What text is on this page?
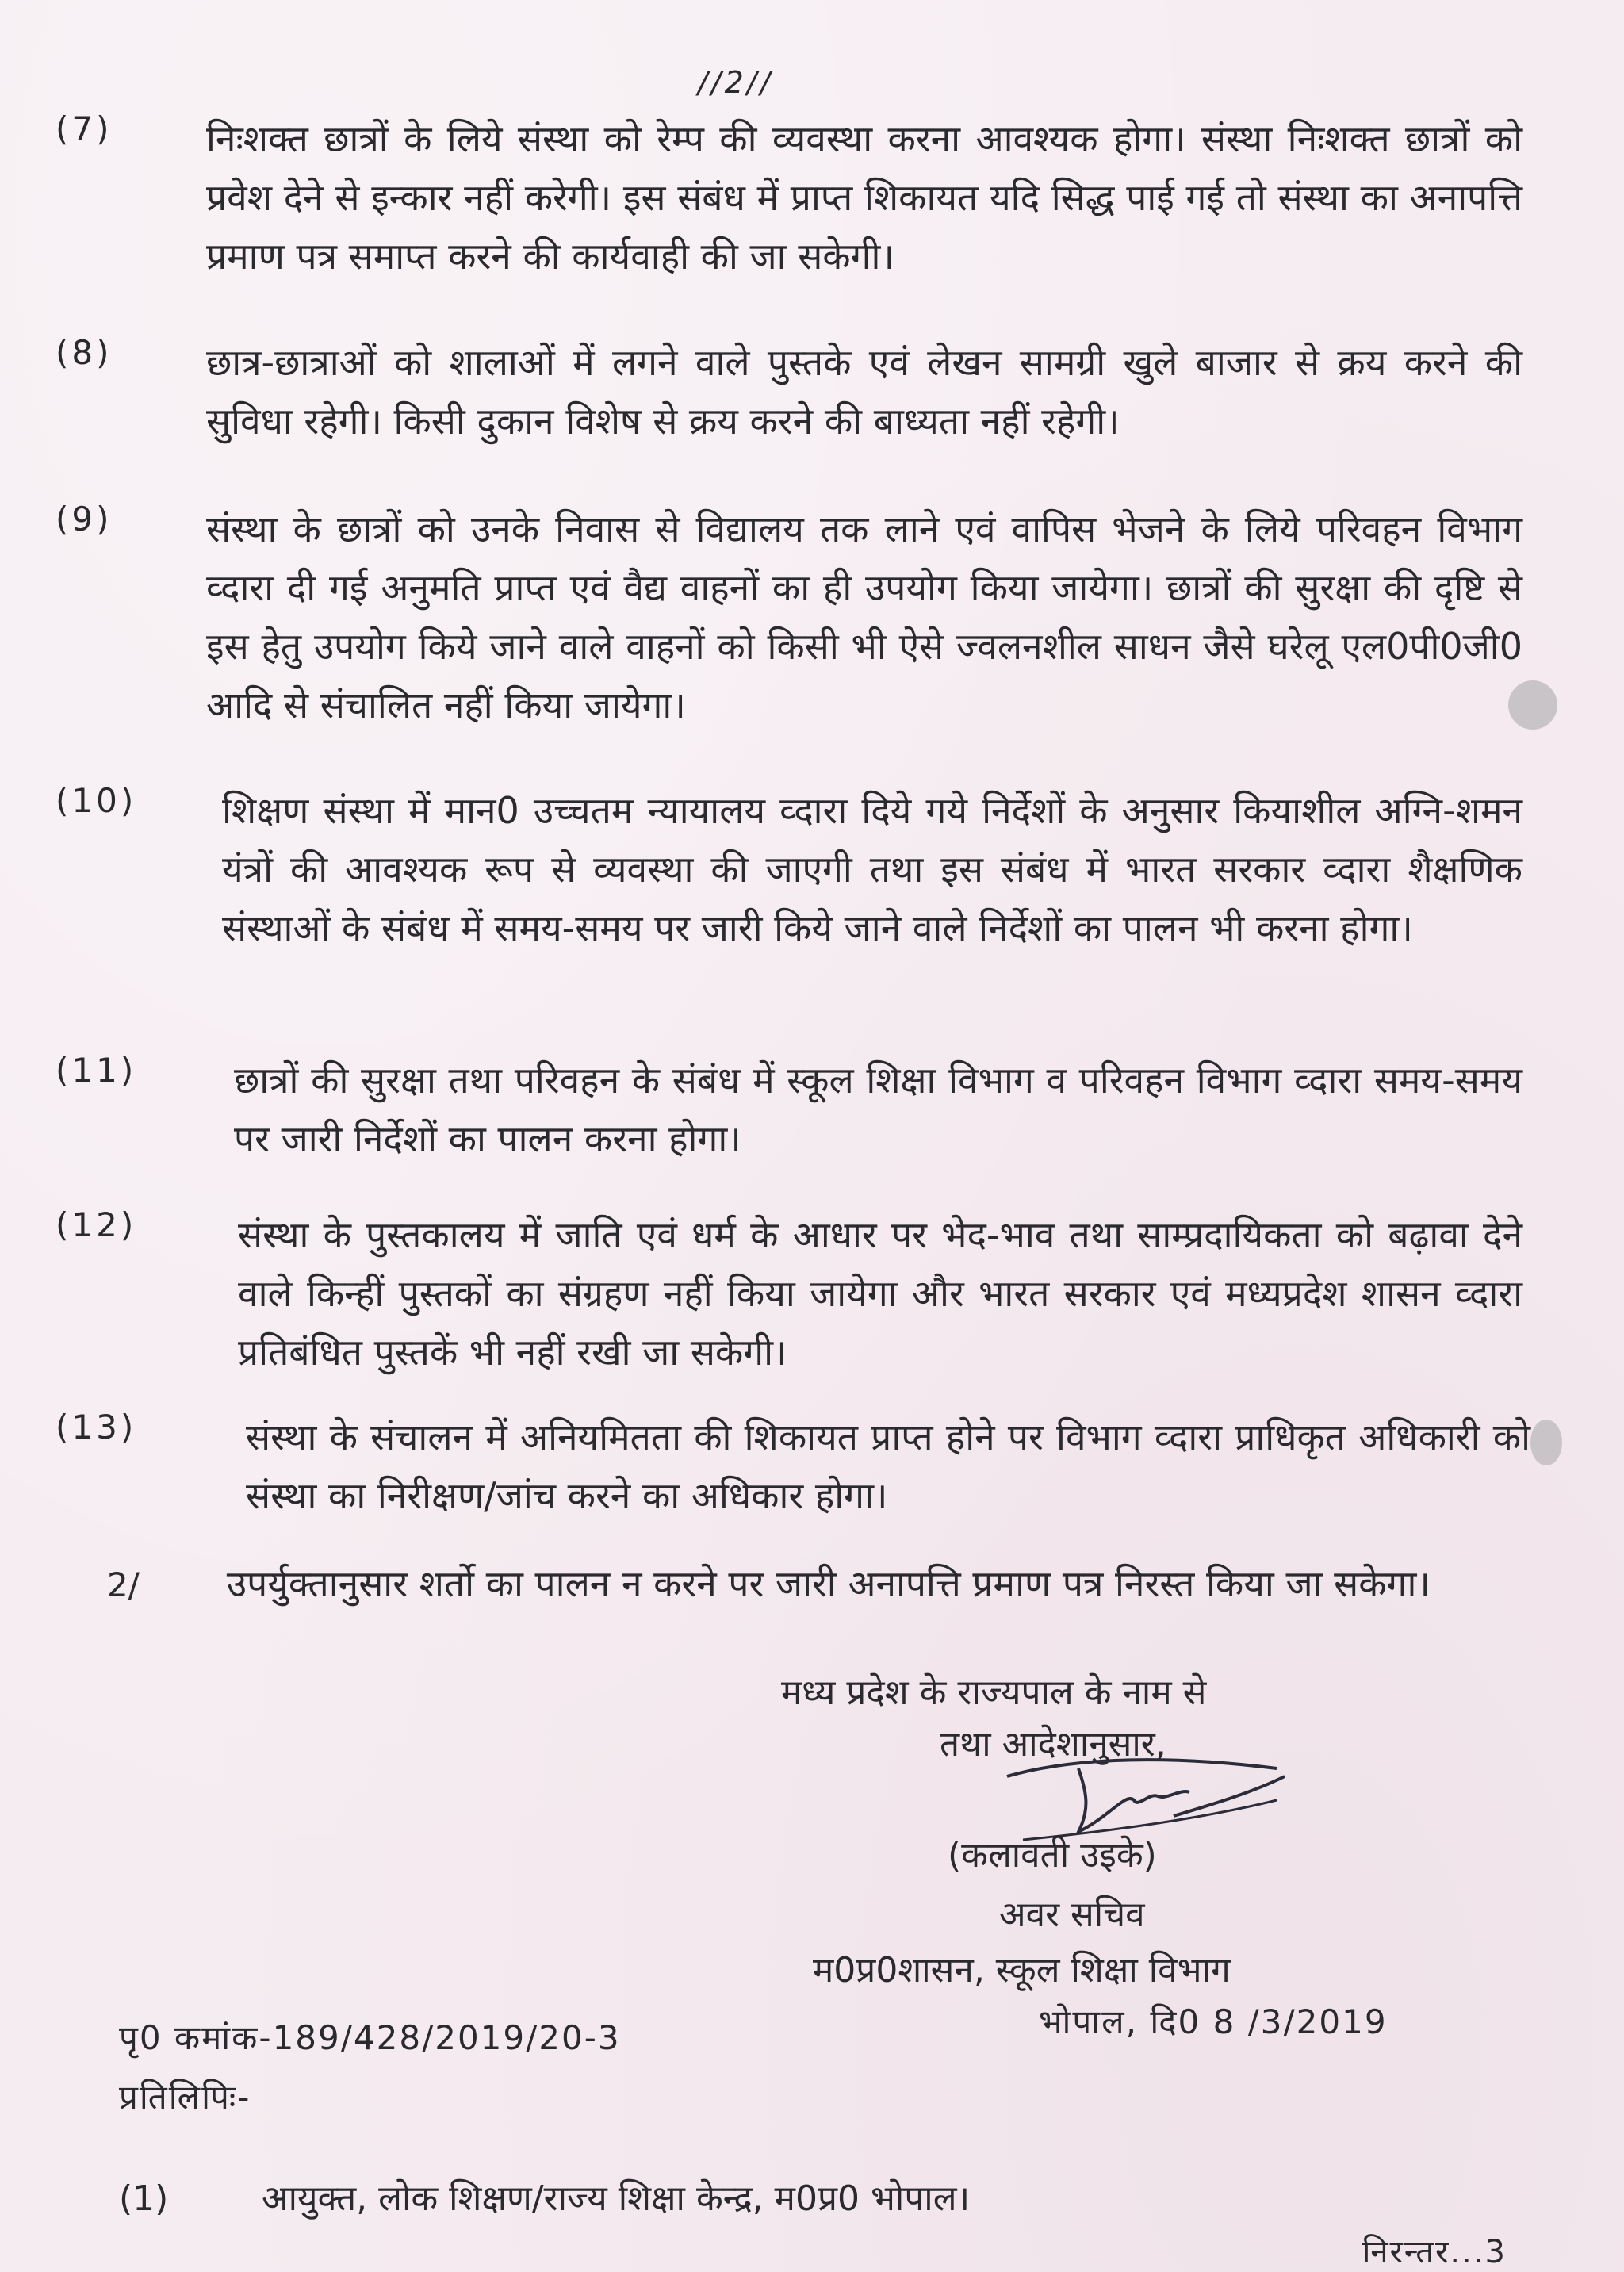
//2//
(7)	निःशक्त छात्रों के लिये संस्था को रेम्प की व्यवस्था करना आवश्यक होगा। संस्था निःशक्त छात्रों को प्रवेश देने से इन्कार नहीं करेगी। इस संबंध में प्राप्त शिकायत यदि सिद्ध पाई गई तो संस्था का अनापत्ति प्रमाण पत्र समाप्त करने की कार्यवाही की जा सकेगी।
(8)	छात्र-छात्राओं को शालाओं में लगने वाले पुस्तके एवं लेखन सामग्री खुले बाजार से क्रय करने की सुविधा रहेगी। किसी दुकान विशेष से क्रय करने की बाध्यता नहीं रहेगी।
(9)	संस्था के छात्रों को उनके निवास से विद्यालय तक लाने एवं वापिस भेजने के लिये परिवहन विभाग व्दारा दी गई अनुमति प्राप्त एवं वैद्य वाहनों का ही उपयोग किया जायेगा। छात्रों की सुरक्षा की दृष्टि से इस हेतु उपयोग किये जाने वाले वाहनों को किसी भी ऐसे ज्वलनशील साधन जैसे घरेलू एल0पी0जी0 आदि से संचालित नहीं किया जायेगा।
(10) शिक्षण संस्था में मान0 उच्चतम न्यायालय व्दारा दिये गये निर्देशों के अनुसार कियाशील अग्नि-शमन यंत्रों की आवश्यक रूप से व्यवस्था की जाएगी तथा इस संबंध में भारत सरकार व्दारा शैक्षणिक संस्थाओं के संबंध में समय-समय पर जारी किये जाने वाले निर्देशों का पालन भी करना होगा।
(11)	छात्रों की सुरक्षा तथा परिवहन के संबंध में स्कूल शिक्षा विभाग व परिवहन विभाग व्दारा समय-समय पर जारी निर्देशों का पालन करना होगा।
(12)	संस्था के पुस्तकालय में जाति एवं धर्म के आधार पर भेद-भाव तथा साम्प्रदायिकता को बढ़ावा देने वाले किन्हीं पुस्तकों का संग्रहण नहीं किया जायेगा और भारत सरकार एवं मध्यप्रदेश शासन व्दारा प्रतिबंधित पुस्तकें भी नहीं रखी जा सकेगी।
(13)	संस्था के संचालन में अनियमितता की शिकायत प्राप्त होने पर विभाग व्दारा प्राधिकृत अधिकारी को संस्था का निरीक्षण/जांच करने का अधिकार होगा।
2/ उपर्युक्तानुसार शर्तो का पालन न करने पर जारी अनापत्ति प्रमाण पत्र निरस्त किया जा सकेगा।
मध्य प्रदेश के राज्यपाल के नाम से
तथा आदेशानुसार,
(कलावती उइके)
अवर सचिव
म0प्र0शासन, स्कूल शिक्षा विभाग
पृ0 कमांक-189/428/2019/20-3	भोपाल, दि0 8 /3/2019
प्रतिलिपिः-
(1)	आयुक्त, लोक शिक्षण/राज्य शिक्षा केन्द्र, म0प्र0 भोपाल।
निरन्तर...3
